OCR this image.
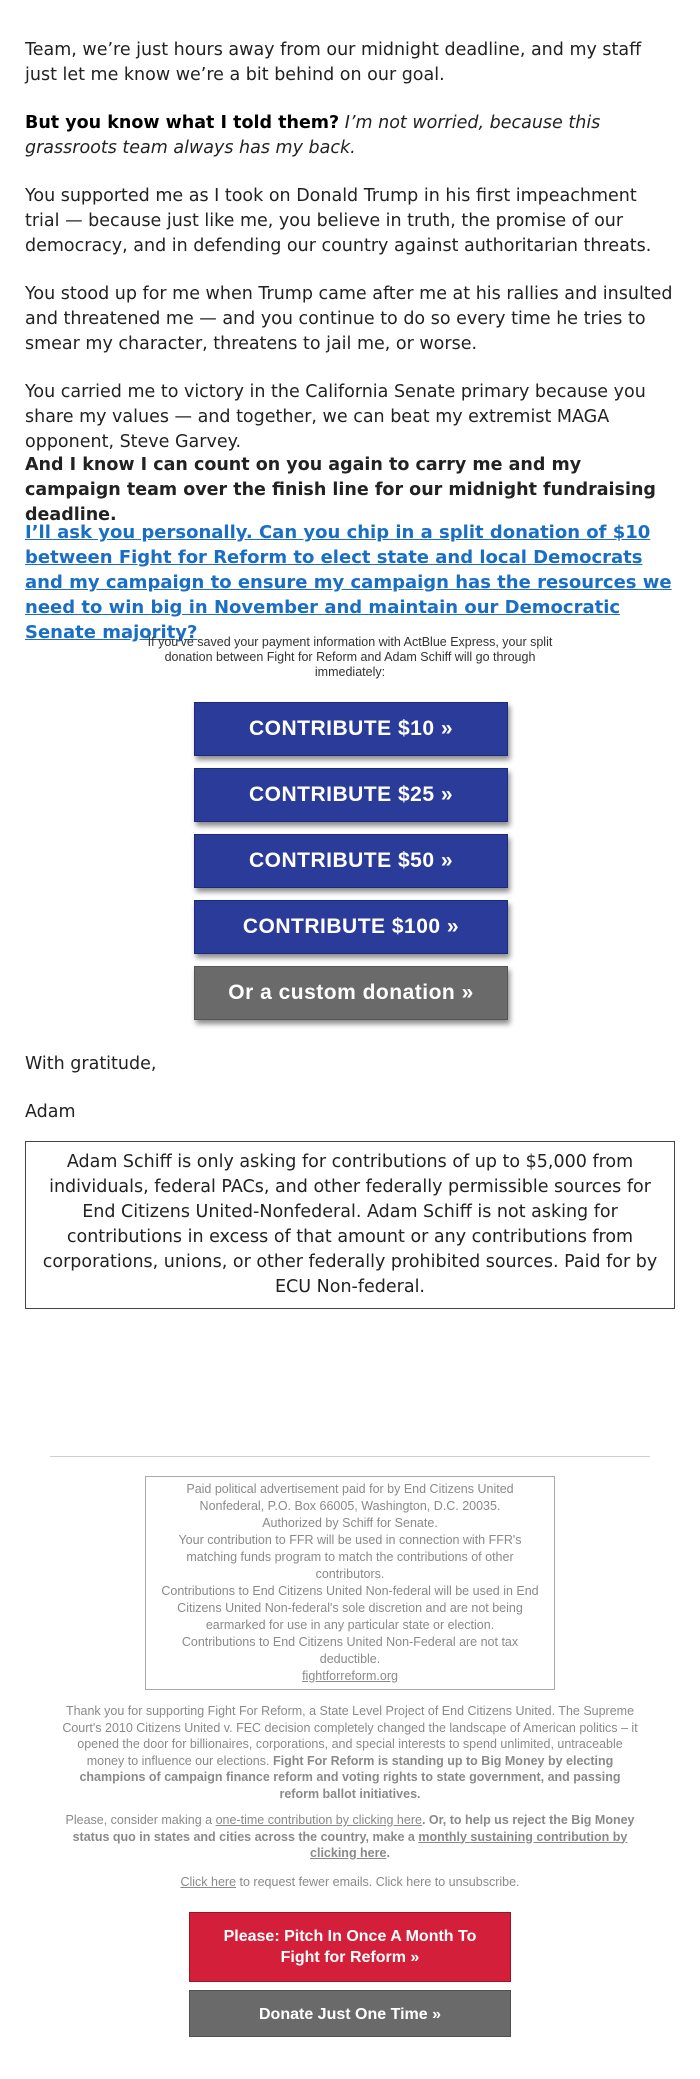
Team, we’re just hours away from our midnight deadline, and my staff just let me know we’re a bit behind on our goal.

But you know what I told them? I’m not worried, because this grassroots team always has my back.

You supported me as I took on Donald Trump in his first impeachment trial — because just like me, you believe in truth, the promise of our democracy, and in defending our country against authoritarian threats.

You stood up for me when Trump came after me at his rallies and insulted and threatened me — and you continue to do so every time he tries to smear my character, threatens to jail me, or worse.

You carried me to victory in the California Senate primary because you share my values — and together, we can beat my extremist MAGA opponent, Steve Garvey.

And I know I can count on you again to carry me and my campaign team over the finish line for our midnight fundraising deadline.

I’ll ask you personally. Can you chip in a split donation of $10 between Fight for Reform to elect state and local Democrats and my campaign to ensure my campaign has the resources we need to win big in November and maintain our Democratic Senate majority?

If you've saved your payment information with ActBlue Express, your split donation between Fight for Reform and Adam Schiff will go through immediately:

CONTRIBUTE $10 »
CONTRIBUTE $25 »
CONTRIBUTE $50 »
CONTRIBUTE $100 »
Or a custom donation »

With gratitude,

Adam

Adam Schiff is only asking for contributions of up to $5,000 from individuals, federal PACs, and other federally permissible sources for End Citizens United-Nonfederal. Adam Schiff is not asking for contributions in excess of that amount or any contributions from corporations, unions, or other federally prohibited sources. Paid for by ECU Non-federal.
Paid political advertisement paid for by End Citizens United Nonfederal, P.O. Box 66005, Washington, D.C. 20035.
Authorized by Schiff for Senate.
Your contribution to FFR will be used in connection with FFR's matching funds program to match the contributions of other contributors.
Contributions to End Citizens United Non-federal will be used in End Citizens United Non-federal's sole discretion and are not being earmarked for use in any particular state or election.
Contributions to End Citizens United Non-Federal are not tax deductible.
fightforreform.org
Thank you for supporting Fight For Reform, a State Level Project of End Citizens United. The Supreme Court's 2010 Citizens United v. FEC decision completely changed the landscape of American politics – it opened the door for billionaires, corporations, and special interests to spend unlimited, untraceable money to influence our elections. Fight For Reform is standing up to Big Money by electing champions of campaign finance reform and voting rights to state government, and passing reform ballot initiatives.
Please, consider making a one-time contribution by clicking here. Or, to help us reject the Big Money status quo in states and cities across the country, make a monthly sustaining contribution by clicking here.
Click here to request fewer emails. Click here to unsubscribe.
Please: Pitch In Once A Month To Fight for Reform »
Donate Just One Time »
